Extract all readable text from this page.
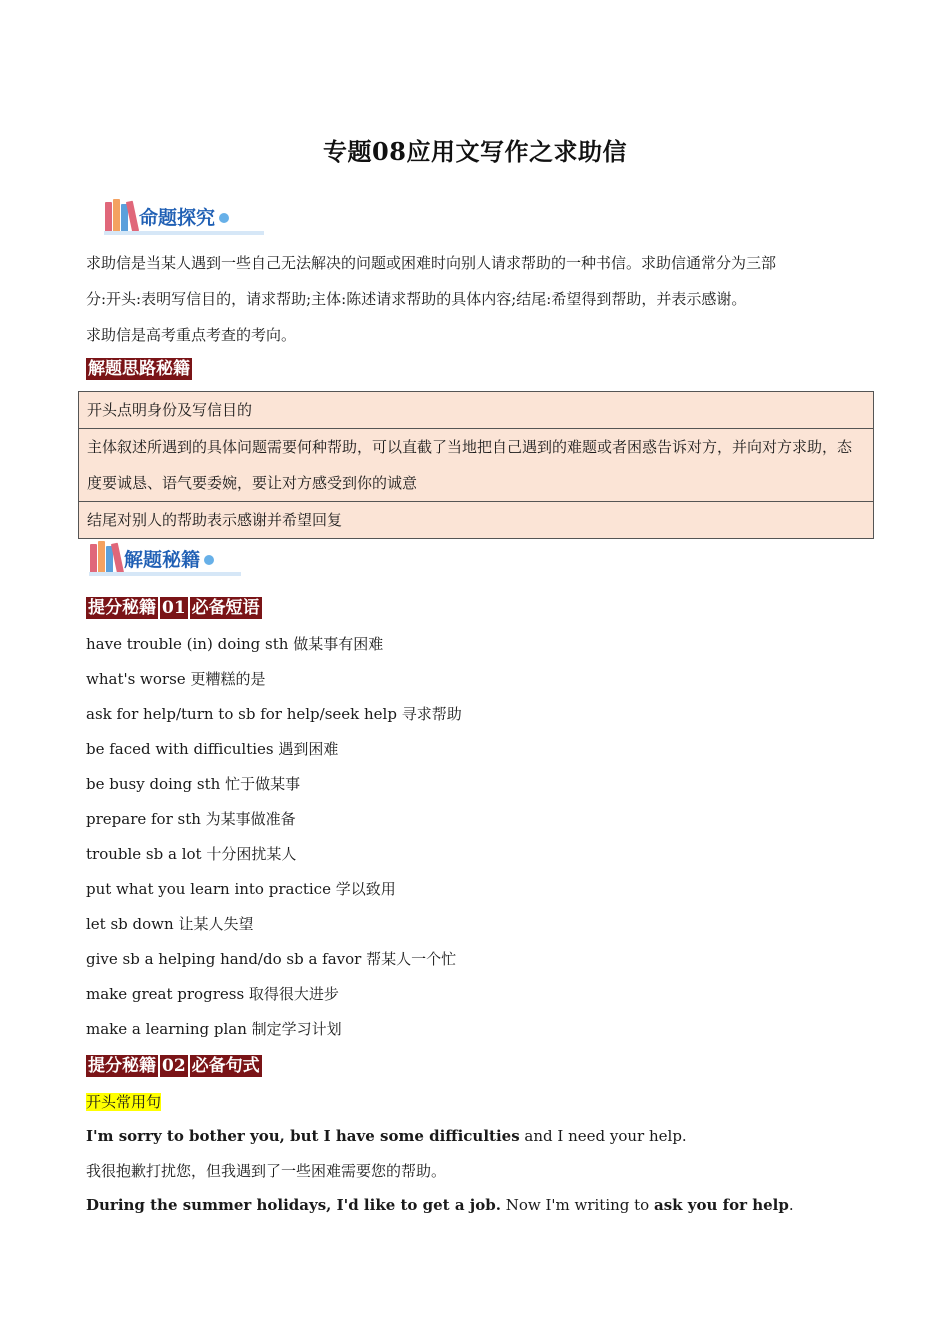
专题08应用文写作之求助信
命题探究
求助信是当某人遇到一些自己无法解决的问题或困难时向别人请求帮助的一种书信。求助信通常分为三部
分:开头:表明写信目的，请求帮助;主体:陈述请求帮助的具体内容;结尾:希望得到帮助，并表示感谢。
求助信是高考重点考查的考向。
解题思路秘籍
开头点明身份及写信目的
主体叙述所遇到的具体问题需要何种帮助，可以直截了当地把自己遇到的难题或者困惑告诉对方，并向对方求助，态度要诚恳、语气要委婉，要让对方感受到你的诚意
结尾对别人的帮助表示感谢并希望回复
解题秘籍
提分秘籍 01 必备短语
have trouble (in) doing sth 做某事有困难
what's worse 更糟糕的是
ask for help/turn to sb for help/seek help 寻求帮助
be faced with difficulties 遇到困难
be busy doing sth 忙于做某事
prepare for sth 为某事做准备
trouble sb a lot 十分困扰某人
put what you learn into practice 学以致用
let sb down 让某人失望
give sb a helping hand/do sb a favor 帮某人一个忙
make great progress 取得很大进步
make a learning plan 制定学习计划
提分秘籍 02 必备句式
开头常用句
I'm sorry to bother you, but I have some difficulties and I need your help.
我很抱歉打扰您，但我遇到了一些困难需要您的帮助。
During the summer holidays, I'd like to get a job. Now I'm writing to ask you for help.
